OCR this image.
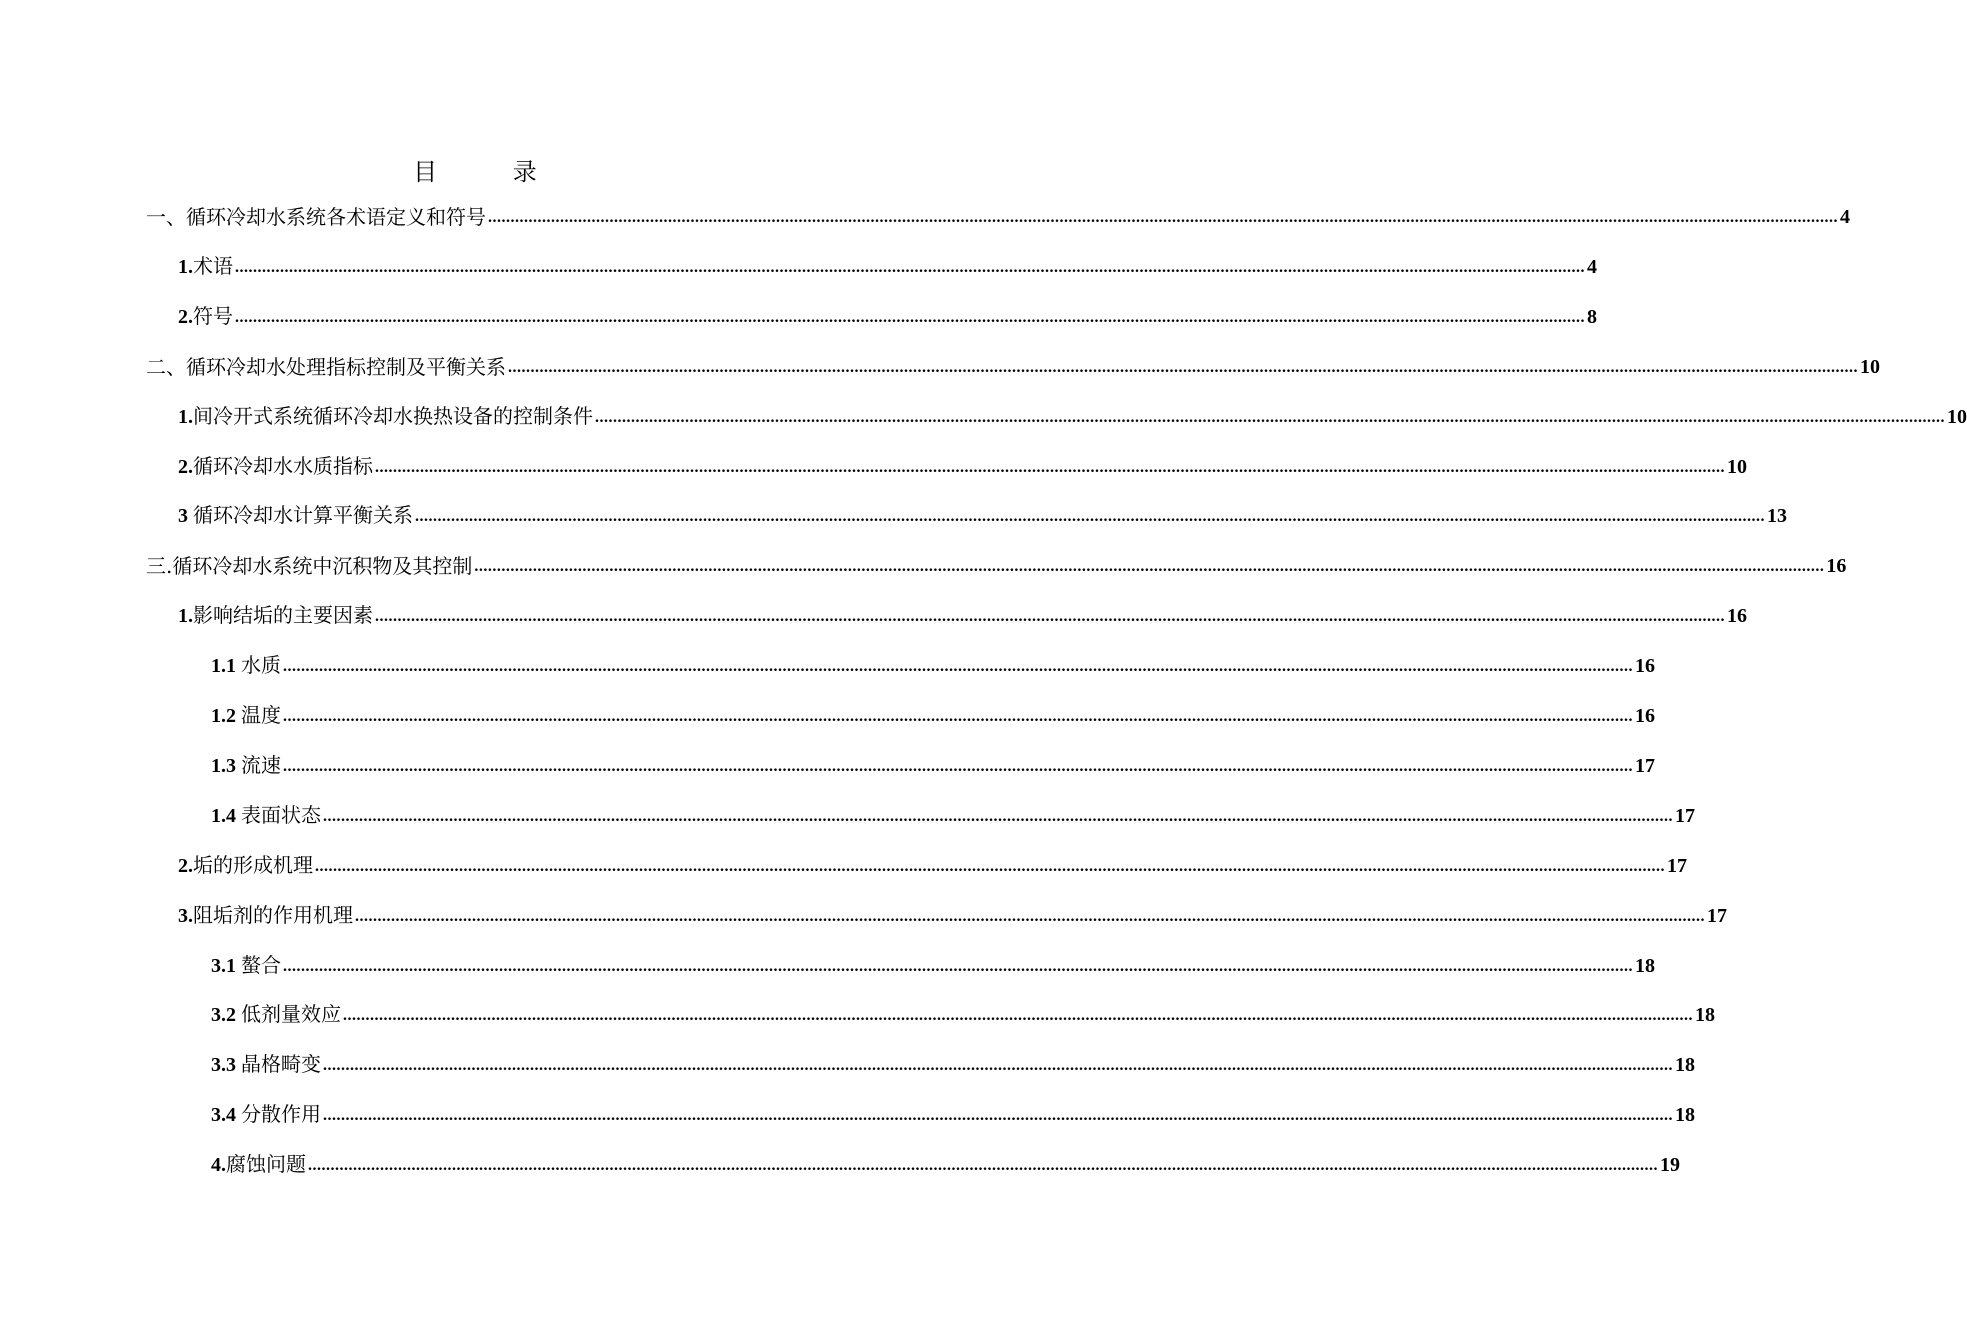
目 录
一、循环冷却水系统各术语定义和符号 ............................................................................................................................................................................................................................................................................................................ 4
1.术语 ............................................................................................................................................................................................................................................................................................................ 4
2.符号 ............................................................................................................................................................................................................................................................................................................ 8
二、循环冷却水处理指标控制及平衡关系 ............................................................................................................................................................................................................................................................................................................ 10
1.间冷开式系统循环冷却水换热设备的控制条件 ............................................................................................................................................................................................................................................................................................................ 10
2.循环冷却水水质指标 ............................................................................................................................................................................................................................................................................................................ 10
3 循环冷却水计算平衡关系 ............................................................................................................................................................................................................................................................................................................ 13
三.循环冷却水系统中沉积物及其控制 ............................................................................................................................................................................................................................................................................................................ 16
1.影响结垢的主要因素 ............................................................................................................................................................................................................................................................................................................ 16
1.1 水质 ............................................................................................................................................................................................................................................................................................................ 16
1.2 温度 ............................................................................................................................................................................................................................................................................................................ 16
1.3 流速 ............................................................................................................................................................................................................................................................................................................ 17
1.4 表面状态 ............................................................................................................................................................................................................................................................................................................ 17
2.垢的形成机理 ............................................................................................................................................................................................................................................................................................................ 17
3.阻垢剂的作用机理 ............................................................................................................................................................................................................................................................................................................ 17
3.1 螯合 ............................................................................................................................................................................................................................................................................................................ 18
3.2 低剂量效应 ............................................................................................................................................................................................................................................................................................................ 18
3.3 晶格畸变 ............................................................................................................................................................................................................................................................................................................ 18
3.4 分散作用 ............................................................................................................................................................................................................................................................................................................ 18
4.腐蚀问题 ............................................................................................................................................................................................................................................................................................................ 19
